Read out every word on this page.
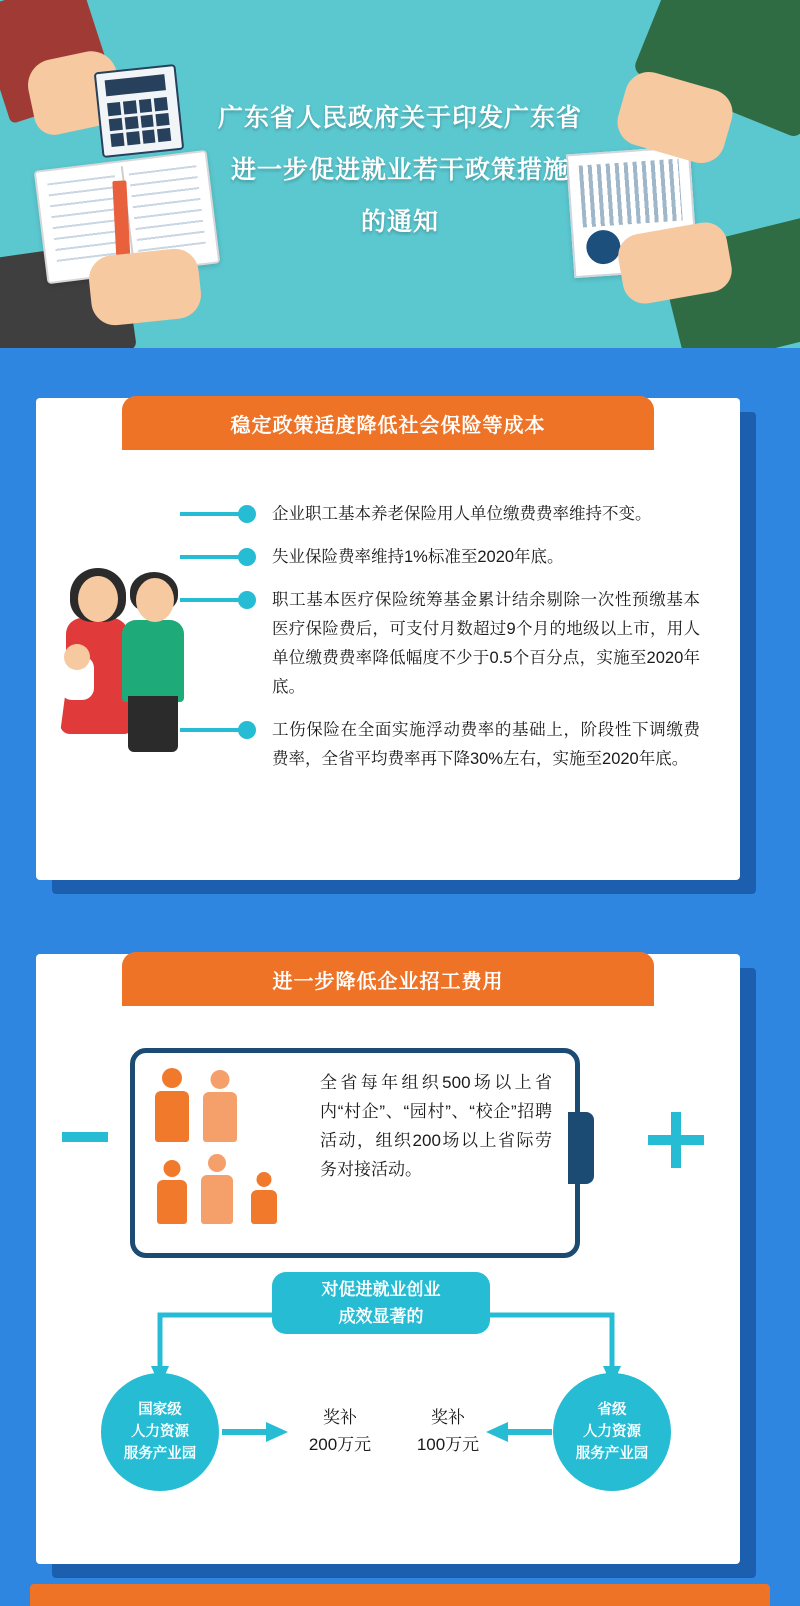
广东省人民政府关于印发广东省
进一步促进就业若干政策措施
的通知
稳定政策适度降低社会保险等成本
企业职工基本养老保险用人单位缴费费率维持不变。
失业保险费率维持1%标准至2020年底。
职工基本医疗保险统筹基金累计结余剔除一次性预缴基本医疗保险费后，可支付月数超过9个月的地级以上市，用人单位缴费费率降低幅度不少于0.5个百分点，实施至2020年底。
工伤保险在全面实施浮动费率的基础上，阶段性下调缴费费率，全省平均费率再下降30%左右，实施至2020年底。
进一步降低企业招工费用
全省每年组织500场以上省内“村企”、“园村”、“校企”招聘活动，组织200场以上省际劳务对接活动。
对促进就业创业
成效显著的
国家级
人力资源
服务产业园
省级
人力资源
服务产业园
奖补
200万元
奖补
100万元
